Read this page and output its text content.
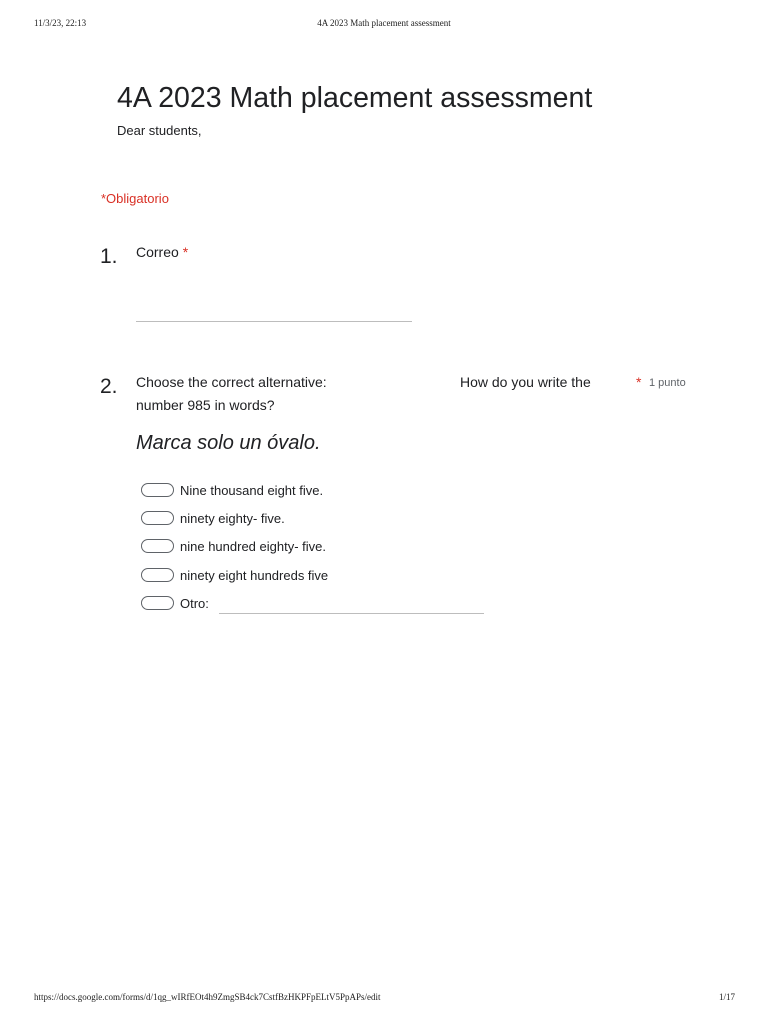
11/3/23, 22:13	4A 2023 Math placement assessment
4A 2023 Math placement assessment
Dear students,
*Obligatorio
1. Correo *
2. Choose the correct alternative:	How do you write the	* 1 punto
number 985 in words?
Marca solo un óvalo.
Nine thousand eight five.
ninety eighty- five.
nine hundred eighty- five.
ninety eight hundreds five
Otro:
https://docs.google.com/forms/d/1qg_wIRfEOt4h9ZmgSB4ck7CstfBzHKPFpELtV5PpAPs/edit	1/17
